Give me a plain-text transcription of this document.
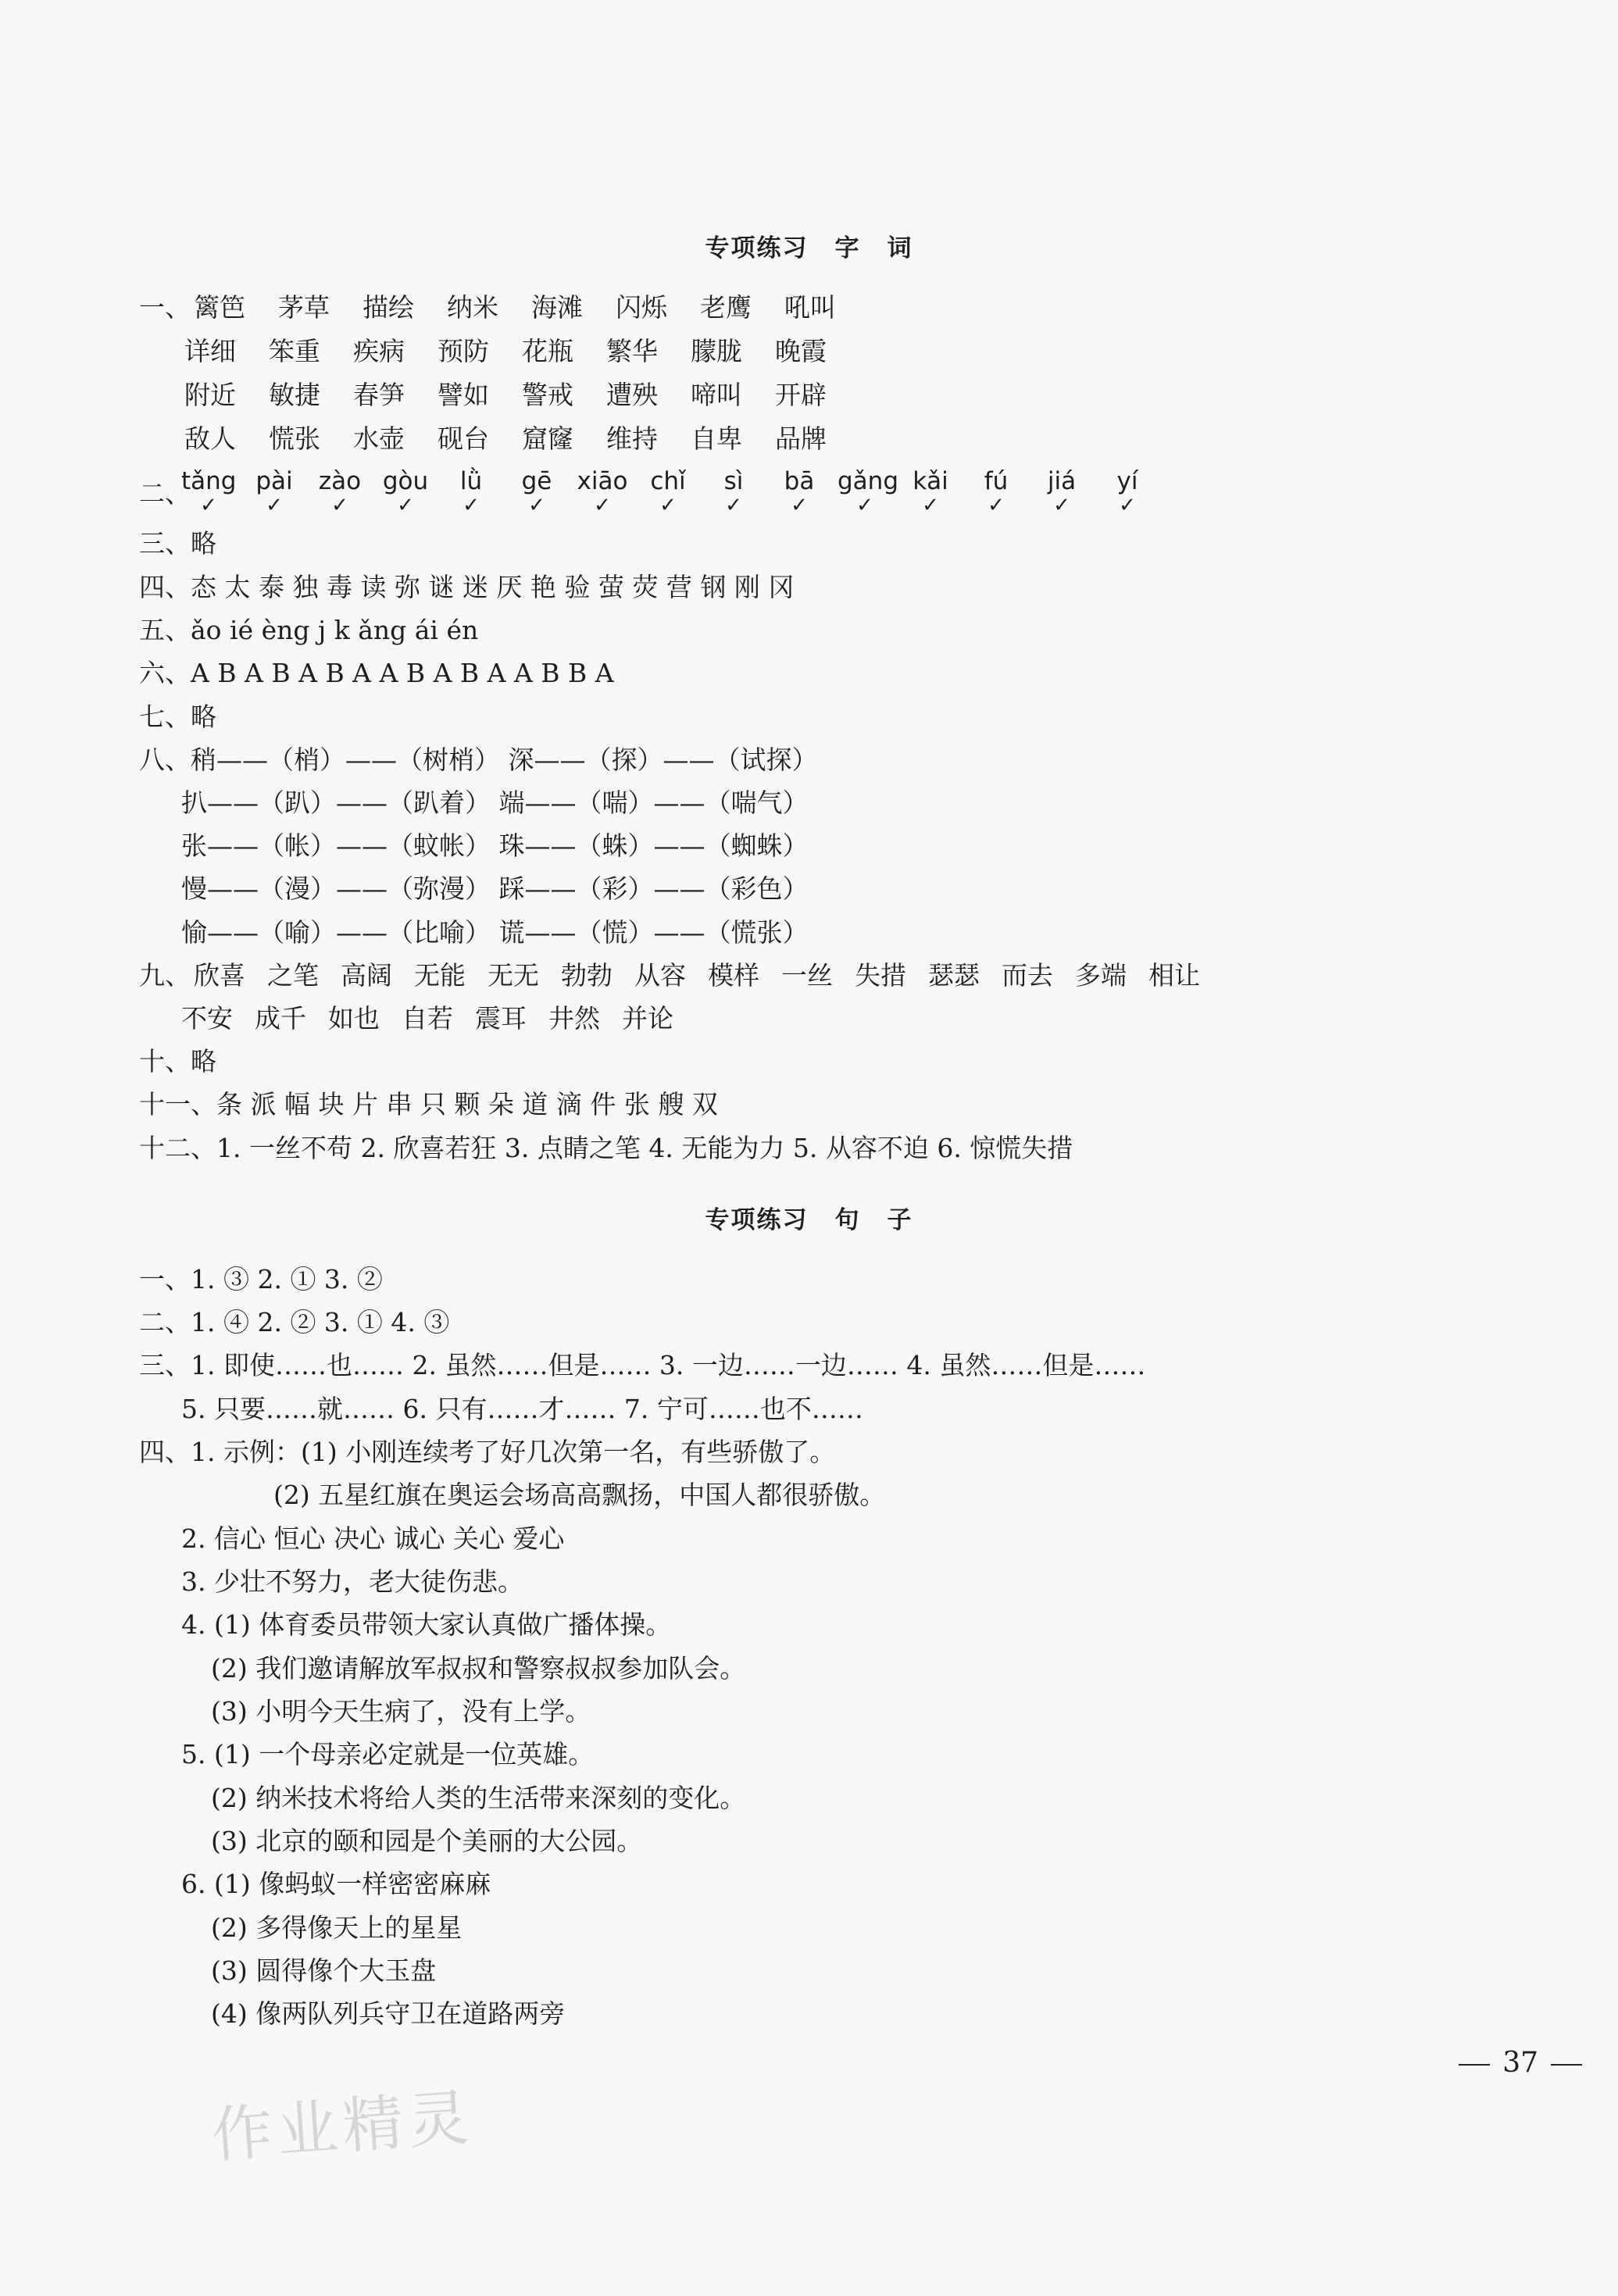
专项练习 字 词
一、 篱笆 茅草 描绘 纳米 海滩 闪烁 老鹰 吼叫
详细 笨重 疾病 预防 花瓶 繁华 朦胧 晚霞
附近 敏捷 春笋 譬如 警戒 遭殃 啼叫 开辟
敌人 慌张 水壶 砚台 窟窿 维持 自卑 品牌
二、
tǎng
✓
pài
✓
zào
✓
gòu
✓
lǜ
✓
gē
✓
xiāo
✓
chǐ
✓
sì
✓
bā
✓
gǎng
✓
kǎi
✓
fú
✓
jiá
✓
yí
✓
三、略
四、态 太 泰 独 毒 读 弥 谜 迷 厌 艳 验 萤 荧 营 钢 刚 冈
五、ǎo ié èng j k ǎng ái én
六、A B A B A B A A B A B A A B B A
七、略
八、稍——（梢）——（树梢） 深——（探）——（试探）
扒——（趴）——（趴着） 端——（喘）——（喘气）
张——（帐）——（蚊帐） 珠——（蛛）——（蜘蛛）
慢——（漫）——（弥漫） 踩——（彩）——（彩色）
愉——（喻）——（比喻） 谎——（慌）——（慌张）
九、 欣喜 之笔 高阔 无能 无无 勃勃 从容 模样 一丝 失措 瑟瑟 而去 多端 相让
不安 成千 如也 自若 震耳 井然 并论
十、略
十一、条 派 幅 块 片 串 只 颗 朵 道 滴 件 张 艘 双
十二、1. 一丝不苟 2. 欣喜若狂 3. 点睛之笔 4. 无能为力 5. 从容不迫 6. 惊慌失措
专项练习 句 子
一、1. ③ 2. ① 3. ②
二、1. ④ 2. ② 3. ① 4. ③
三、1. 即使……也…… 2. 虽然……但是…… 3. 一边……一边…… 4. 虽然……但是……
5. 只要……就…… 6. 只有……才…… 7. 宁可……也不……
四、1. 示例：(1) 小刚连续考了好几次第一名，有些骄傲了。
(2) 五星红旗在奥运会场高高飘扬，中国人都很骄傲。
2. 信心 恒心 决心 诚心 关心 爱心
3. 少壮不努力，老大徒伤悲。
4. (1) 体育委员带领大家认真做广播体操。
(2) 我们邀请解放军叔叔和警察叔叔参加队会。
(3) 小明今天生病了，没有上学。
5. (1) 一个母亲必定就是一位英雄。
(2) 纳米技术将给人类的生活带来深刻的变化。
(3) 北京的颐和园是个美丽的大公园。
6. (1) 像蚂蚁一样密密麻麻
(2) 多得像天上的星星
(3) 圆得像个大玉盘
(4) 像两队列兵守卫在道路两旁
37
作业精灵
